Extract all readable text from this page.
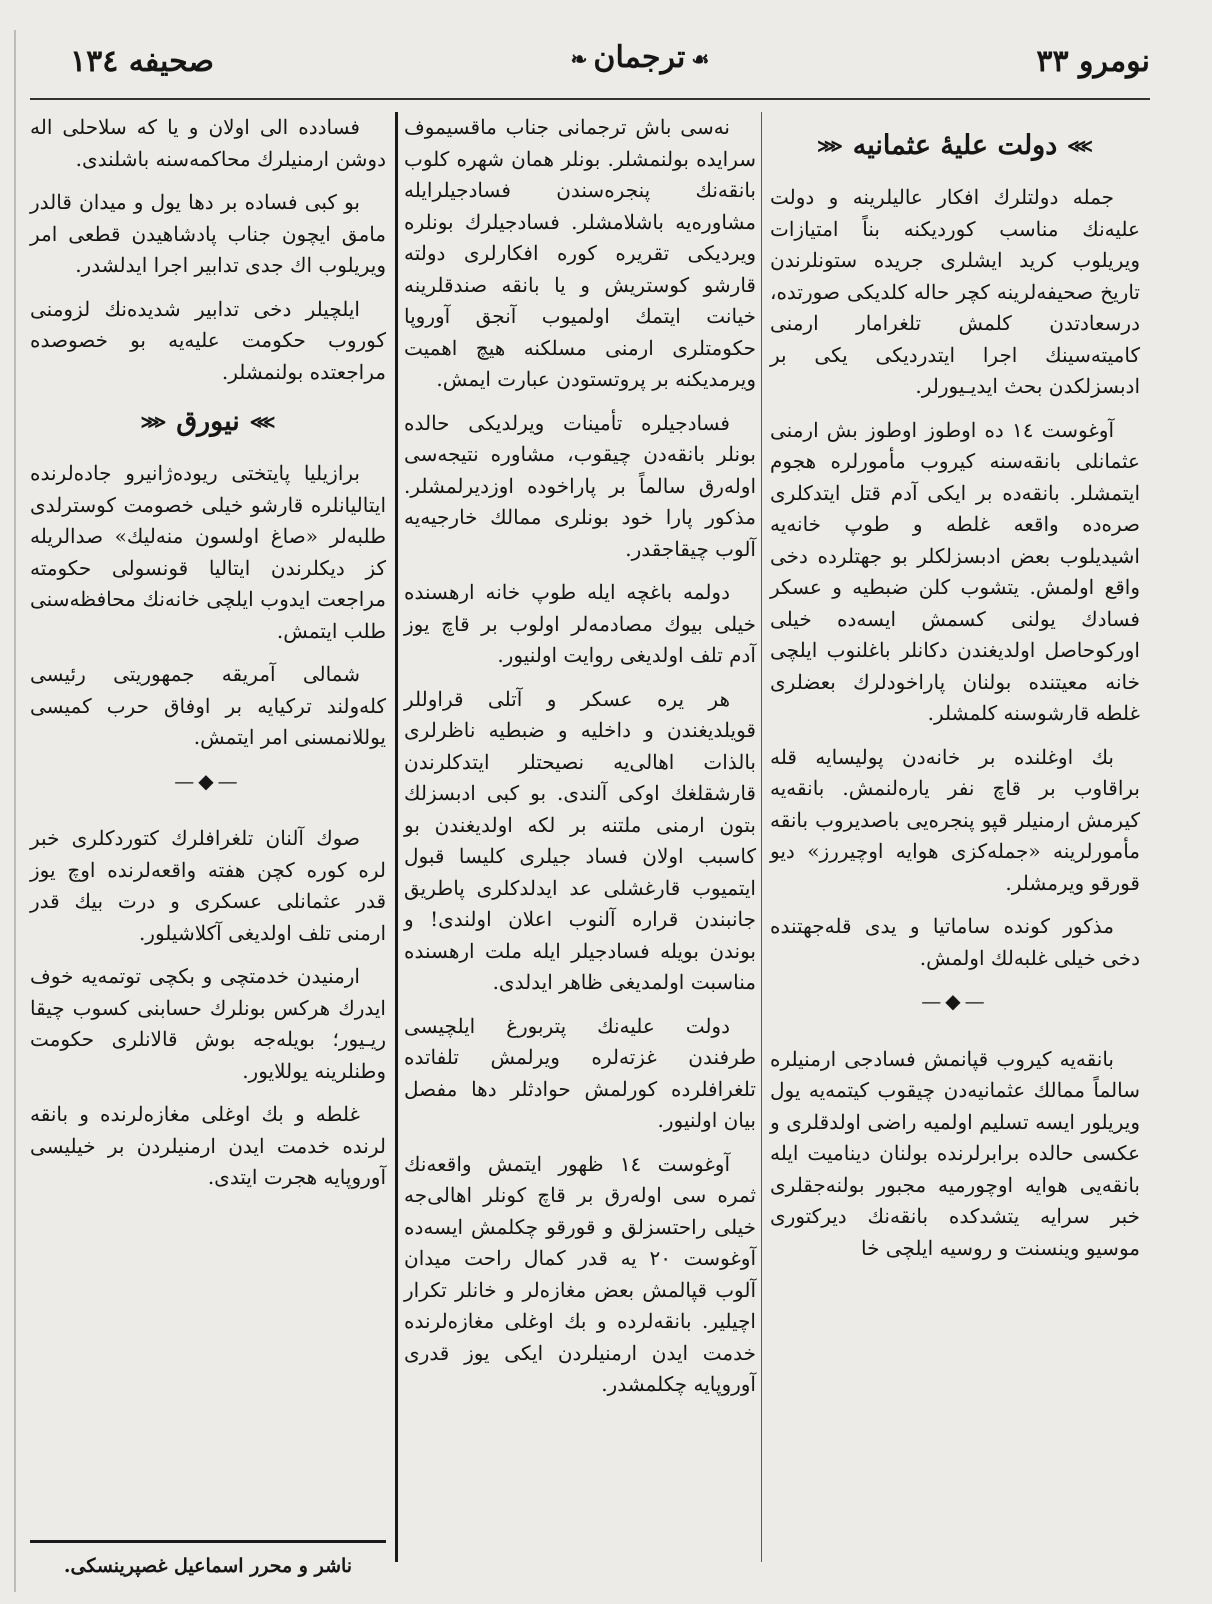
صحیفه ۱۳٤	☙ترجمان❧	نومرو ۳۳
⋙دولت علیهٔ عثمانیه⋘

جمله دولتلرك افكار عالیلرینه و دولت علیه‌نك مناسب كوردیكنه بناً امتیازات ویریلوب كرید ایشلری جریده ستونلرندن تاریخ صحیفه‌لرینه كچر حاله كلدیكی صورتده، درسعادتدن كلمش تلغرامار ارمنی كامیته‌سینك اجرا ایتدردیكی یكی بر ادبسزلكدن بحث ایدیـیورلر.

آوغوست ١٤ ده اوطوز اوطوز بش ارمنی عثمانلی بانقه‌سنه كیروب مأمورلره هجوم ایتمشلر. بانقه‌ده بر ایكی آدم قتل ایتدكلری صره‌ده واقعه غلطه و طوپ خانه‌یه اشیدیلوب بعض ادبسزلكلر بو جهتلرده دخی واقع اولمش. یتشوب كلن ضبطیه و عسكر فسادك یولنی كسمش ایسه‌ده خیلی اوركوحاصل اولدیغندن دكانلر باغلنوب ایلچی خانه معیتنده بولنان پاراخودلرك بعضلری غلطه قارشوسنه كلمشلر.

بك اوغلنده بر خانه‌دن پولیسایه قله براقاوب بر قاچ نفر یاره‌لنمش. بانقه‌یه كیرمش ارمنیلر قپو پنجره‌یی باصدیروب بانقه مأمورلرینه «جمله‌كزی هوایه اوچیررز» دیو قورقو ویرمشلر.

مذكور كونده ساماتیا و یدی قله‌جهتنده دخی خیلی غلبه‌لك اولمش.

—◆—

بانقه‌یه كیروب قپانمش فسادجی ارمنیلره سالماً ممالك عثمانیه‌دن چیقوب كیتمه‌یه یول ویریلور ایسه تسلیم اولمیه راضی اولدقلری و عكسی حالده برابرلرنده بولنان دینامیت ایله بانقه‌یی هوایه اوچورمیه مجبور بولنه‌جقلری خبر سرایه یتشدكده بانقه‌نك دیركتوری موسیو وینسنت و روسیه ایلچی خا

نه‌سی باش ترجمانی جناب ماقسیموف سرایده بولنمشلر. بونلر همان شهره كلوب بانقه‌نك پنجره‌سندن فسادجیلرایله مشاوره‌یه باشلامشلر. فسادجیلرك بونلره ویردیكی تقریره كوره افكارلری دولته قارشو كوستریش و یا بانقه صندقلرینه خیانت ایتمك اولمیوب آنجق آوروپا حكومتلری ارمنی مسلكنه هیچ اهمیت ویرمدیكنه بر پروتستودن عبارت ایمش.

فسادجیلره تأمینات ویرلدیكی حالده بونلر بانقه‌دن چیقوب، مشاوره نتیجه‌سی اوله‌رق سالماً بر پاراخوده اوزدیرلمشلر. مذكور پارا خود بونلری ممالك خارجیه‌یه آلوب چیقاجقدر.

دولمه باغچه ایله طوپ خانه ارهسنده خیلی بیوك مصادمه‌لر اولوب بر قاچ یوز آدم تلف اولدیغی روایت اولنیور.

هر یره عسكر و آتلی قراوللر قویلدیغندن و داخلیه و ضبطیه ناظرلری بالذات اهالی‌یه نصیحتلر ایتدكلرندن قارشقلغك اوكی آلندی. بو كبی ادبسزلك بتون ارمنی ملتنه بر لكه اولدیغندن بو كاسبب اولان فساد جیلری كلیسا قبول ایتمیوب قارغشلی عد ایدلدكلری پاطریق جانبندن قراره آلنوب اعلان اولندی! و بوندن بویله فسادجیلر ایله ملت ارهسنده مناسبت اولمدیغی ظاهر ایدلدی.

دولت علیه‌نك پتربورغ ایلچیسی طرفندن غزته‌لره ویرلمش تلفاتده تلغرافلرده كورلمش حوادثلر دها مفصل بیان اولنیور.

آوغوست ١٤ ظهور ایتمش واقعه‌نك ثمره سی اوله‌رق بر قاچ كونلر اهالی‌جه خیلی راحتسزلق و قورقو چكلمش ایسه‌ده آوغوست ٢٠ یه قدر كمال راحت میدان آلوب قپالمش بعض مغازه‌لر و خانلر تكرار اچیلیر. بانقه‌لرده و بك اوغلی مغازه‌لرنده خدمت ایدن ارمنیلردن ایكی یوز قدری آوروپایه چكلمشدر.

فسادده الی اولان و یا كه سلاحلی اله دوشن ارمنیلرك محاكمه‌سنه باشلندی.

بو كبی فساده بر دها یول و میدان قالدر مامق ایچون جناب پادشاهیدن قطعی امر ویریلوب اك جدی تدابیر اجرا ایدلشدر.

ایلچیلر دخی تدابیر شدیده‌نك لزومنی كوروب حكومت علیه‌یه بو خصوصده مراجعتده بولنمشلر.

⋙نیورق⋘

برازیلیا پایتختی ریوده‌ژانیرو جاده‌لرنده ایتالیانلره قارشو خیلی خصومت كوسترلدی طلبه‌لر «صاغ اولسون منه‌لیك» صدالریله كز دیكلرندن ایتالیا قونسولی حكومته مراجعت ایدوب ایلچی خانه‌نك محافظه‌سنی طلب ایتمش.

شمالی آمریقه جمهوریتی رئیسی كله‌ولند تركیایه بر اوفاق حرب كمیسی یوللانمسنی امر ایتمش.

—◆—

صوك آلنان تلغرافلرك كتوردكلری خبر لره كوره كچن هفته واقعه‌لرنده اوچ یوز قدر عثمانلی عسكری و درت بیك قدر ارمنی تلف اولدیغی آكلاشیلور.

ارمنیدن خدمتچی و بكچی توتمه‌یه خوف ایدرك هركس بونلرك حسابنی كسوب چیقا ریـیور؛ بویله‌جه بوش قالانلری حكومت وطنلرینه یوللایور.

غلطه و بك اوغلی مغازه‌لرنده و بانقه لرنده خدمت ایدن ارمنیلردن بر خیلیسی آوروپایه هجرت ایتدی.

ناشر و محرر اسماعیل غصپرینسكی.
